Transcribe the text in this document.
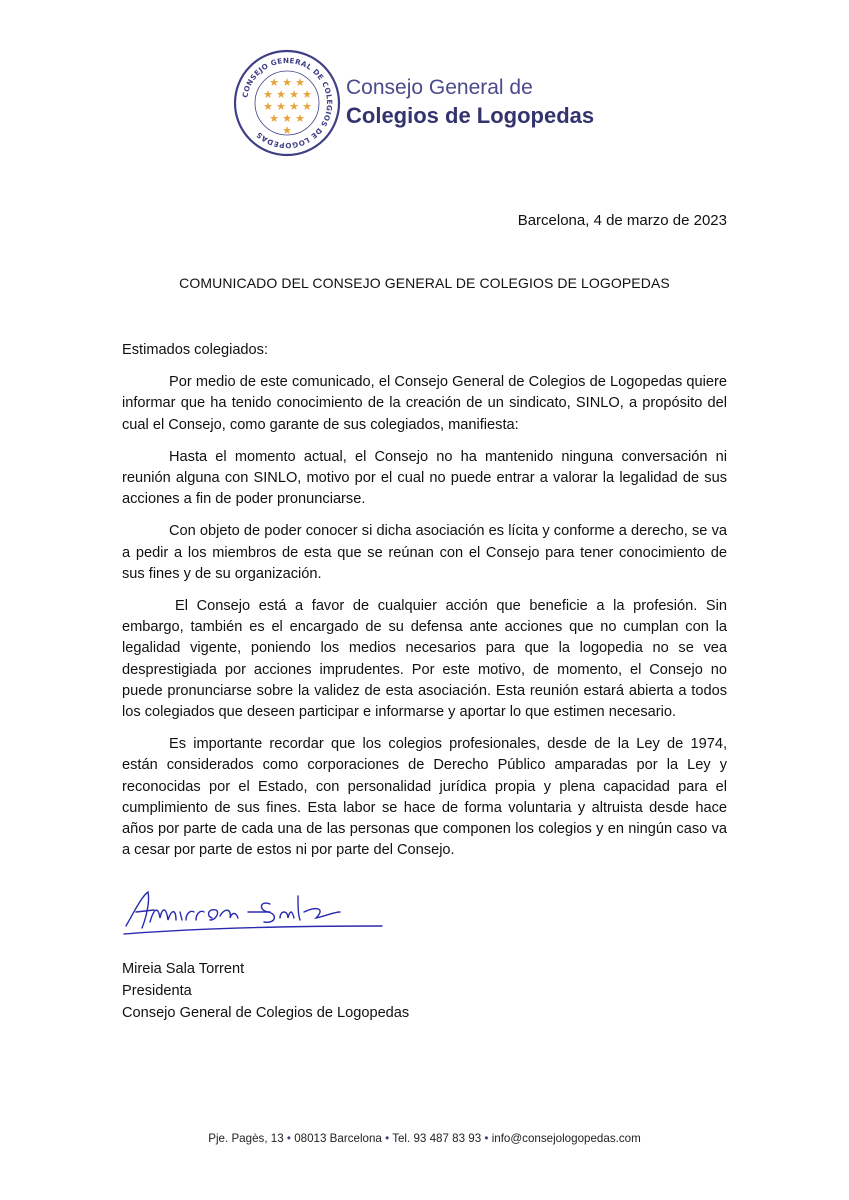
CONSEJO GENERAL DE COLEGIOS DE LOGOPEDAS
★ ★ ★
★ ★ ★ ★
★ ★ ★ ★
★ ★ ★
★
Consejo General de
Colegios de Logopedas
Barcelona, 4 de marzo de 2023
COMUNICADO DEL CONSEJO GENERAL DE COLEGIOS DE LOGOPEDAS

Estimados colegiados:

Por medio de este comunicado, el Consejo General de Colegios de Logopedas quiere informar que ha tenido conocimiento de la creación de un sindicato, SINLO, a propósito del cual el Consejo, como garante de sus colegiados, manifiesta:

Hasta el momento actual, el Consejo no ha mantenido ninguna conversación ni reunión alguna con SINLO, motivo por el cual no puede entrar a valorar la legalidad de sus acciones a fin de poder pronunciarse.

Con objeto de poder conocer si dicha asociación es lícita y conforme a derecho, se va a pedir a los miembros de esta que se reúnan con el Consejo para tener conocimiento de sus fines y de su organización.

El Consejo está a favor de cualquier acción que beneficie a la profesión. Sin embargo, también es el encargado de su defensa ante acciones que no cumplan con la legalidad vigente, poniendo los medios necesarios para que la logopedia no se vea desprestigiada por acciones imprudentes. Por este motivo, de momento, el Consejo no puede pronunciarse sobre la validez de esta asociación. Esta reunión estará abierta a todos los colegiados que deseen participar e informarse y aportar lo que estimen necesario.

Es importante recordar que los colegios profesionales, desde de la Ley de 1974, están considerados como corporaciones de Derecho Público amparadas por la Ley y reconocidas por el Estado, con personalidad jurídica propia y plena capacidad para el cumplimiento de sus fines. Esta labor se hace de forma voluntaria y altruista desde hace años por parte de cada una de las personas que componen los colegios y en ningún caso va a cesar por parte de estos ni por parte del Consejo.

Mireia Sala
Mireia Sala Torrent
Presidenta
Consejo General de Colegios de Logopedas
Pje. Pagès, 13 • 08013 Barcelona • Tel. 93 487 83 93 • info@consejologopedas.com
